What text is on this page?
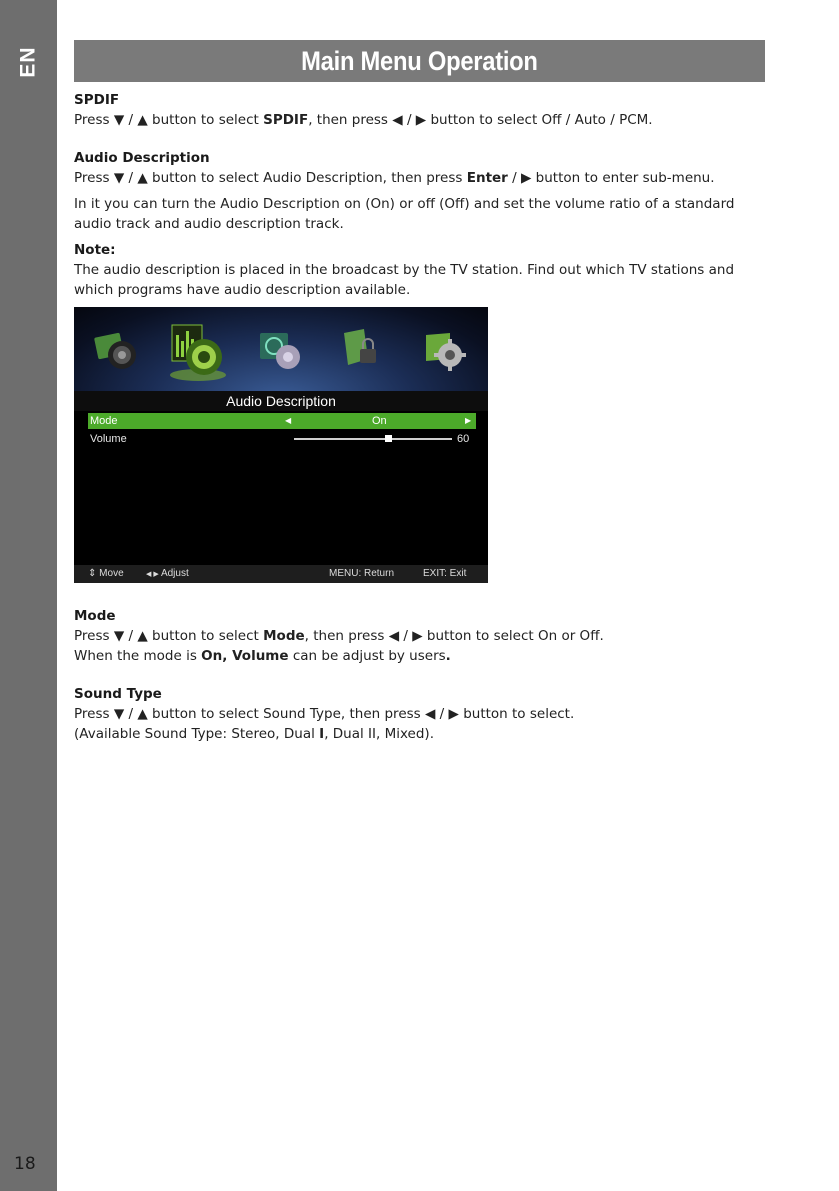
EN
18
Main Menu Operation

SPDIF

Press ▼ / ▲ button to select SPDIF, then press ◀ / ▶ button to select Off / Auto / PCM.

Audio Description

Press ▼ / ▲ button to select Audio Description, then press Enter / ▶ button to enter sub-menu.

In it you can turn the Audio Description on (On) or off (Off) and set the volume ratio of a standard audio track and audio description track.

Note:

The audio description is placed in the broadcast by the TV station. Find out which TV stations and which programs have audio description available.

Audio Description
Mode	◀	On	▶
Volume	60
⇕ Move	◀ ▶ Adjust	MENU: Return	EXIT: Exit

Mode

Press ▼ / ▲ button to select Mode, then press ◀ / ▶ button to select On or Off.

When the mode is On, Volume can be adjust by users.

Sound Type

Press ▼ / ▲ button to select Sound Type, then press ◀ / ▶ button to select.

(Available Sound Type: Stereo, Dual I, Dual II, Mixed).
